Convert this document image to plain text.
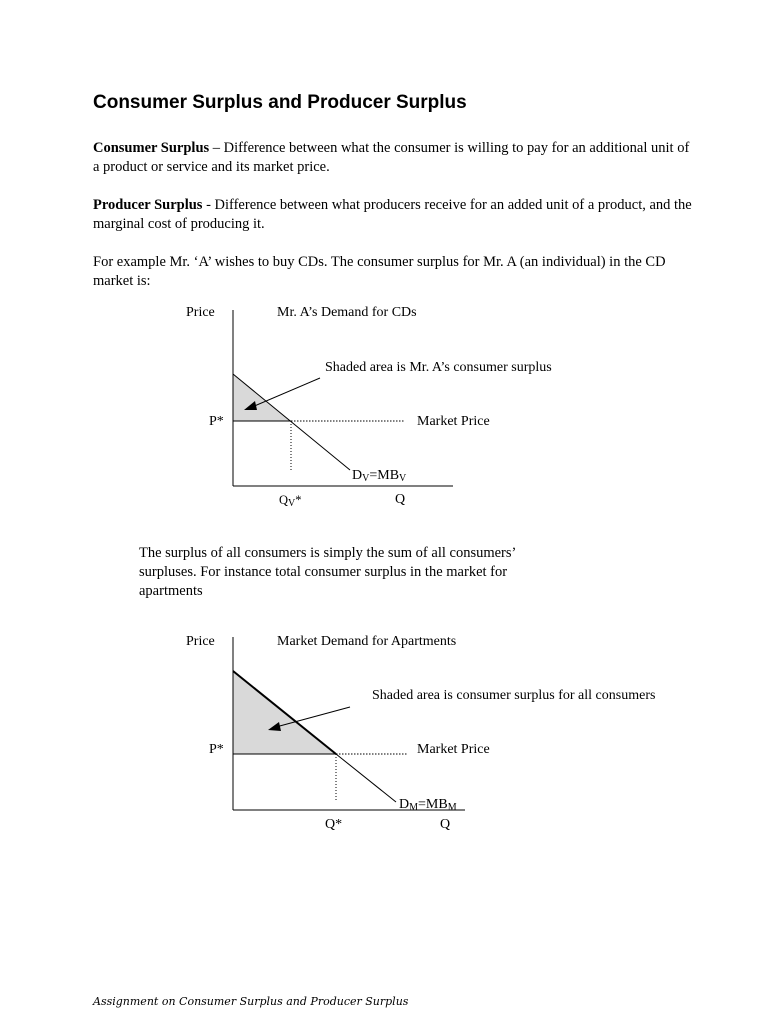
Consumer Surplus and Producer Surplus
Consumer Surplus – Difference between what the consumer is willing to pay for an additional unit of a product or service and its market price.
Producer Surplus - Difference between what producers receive for an added unit of a product, and the marginal cost of producing it.
For example Mr. ‘A’ wishes to buy CDs. The consumer surplus for Mr. A (an individual) in the CD market is:
Price	Mr. A’s Demand for CDs
Shaded area is Mr. A’s consumer surplus
P*	Market Price
$D_V=MB_V$
$Q_V*$	Q
The surplus of all consumers is simply the sum of all consumers’ surpluses. For instance total consumer surplus in the market for apartments
Price	Market Demand for Apartments
Shaded area is consumer surplus for all consumers
P*	Market Price
$D_M=MB_M$
Q*	Q
Assignment on Consumer Surplus and Producer Surplus
